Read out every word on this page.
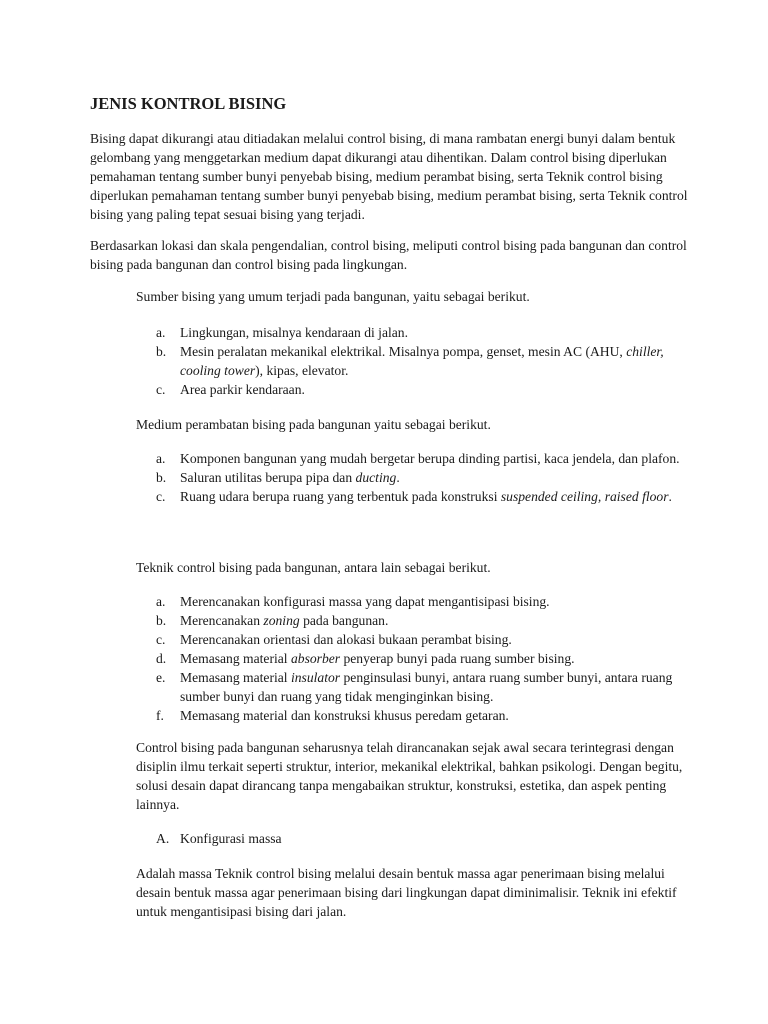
JENIS KONTROL BISING

Bising dapat dikurangi atau ditiadakan melalui control bising, di mana rambatan energi bunyi dalam bentuk gelombang yang menggetarkan medium dapat dikurangi atau dihentikan. Dalam control bising diperlukan pemahaman tentang sumber bunyi penyebab bising, medium perambat bising, serta Teknik control bising diperlukan pemahaman tentang sumber bunyi penyebab bising, medium perambat bising, serta Teknik control bising yang paling tepat sesuai bising yang terjadi.

Berdasarkan lokasi dan skala pengendalian, control bising, meliputi control bising pada bangunan dan control bising pada bangunan dan control bising pada lingkungan.

Sumber bising yang umum terjadi pada bangunan, yaitu sebagai berikut.

a. Lingkungan, misalnya kendaraan di jalan.
b. Mesin peralatan mekanikal elektrikal. Misalnya pompa, genset, mesin AC (AHU, chiller, cooling tower), kipas, elevator.
c. Area parkir kendaraan.

Medium perambatan bising pada bangunan yaitu sebagai berikut.

a. Komponen bangunan yang mudah bergetar berupa dinding partisi, kaca jendela, dan plafon.
b. Saluran utilitas berupa pipa dan ducting.
c. Ruang udara berupa ruang yang terbentuk pada konstruksi suspended ceiling, raised floor.

Teknik control bising pada bangunan, antara lain sebagai berikut.

a. Merencanakan konfigurasi massa yang dapat mengantisipasi bising.
b. Merencanakan zoning pada bangunan.
c. Merencanakan orientasi dan alokasi bukaan perambat bising.
d. Memasang material absorber penyerap bunyi pada ruang sumber bising.
e. Memasang material insulator penginsulasi bunyi, antara ruang sumber bunyi, antara ruang sumber bunyi dan ruang yang tidak menginginkan bising.
f. Memasang material dan konstruksi khusus peredam getaran.

Control bising pada bangunan seharusnya telah dirancanakan sejak awal secara terintegrasi dengan disiplin ilmu terkait seperti struktur, interior, mekanikal elektrikal, bahkan psikologi. Dengan begitu, solusi desain dapat dirancang tanpa mengabaikan struktur, konstruksi, estetika, dan aspek penting lainnya.

A. Konfigurasi massa

Adalah massa Teknik control bising melalui desain bentuk massa agar penerimaan bising melalui desain bentuk massa agar penerimaan bising dari lingkungan dapat diminimalisir. Teknik ini efektif untuk mengantisipasi bising dari jalan.
